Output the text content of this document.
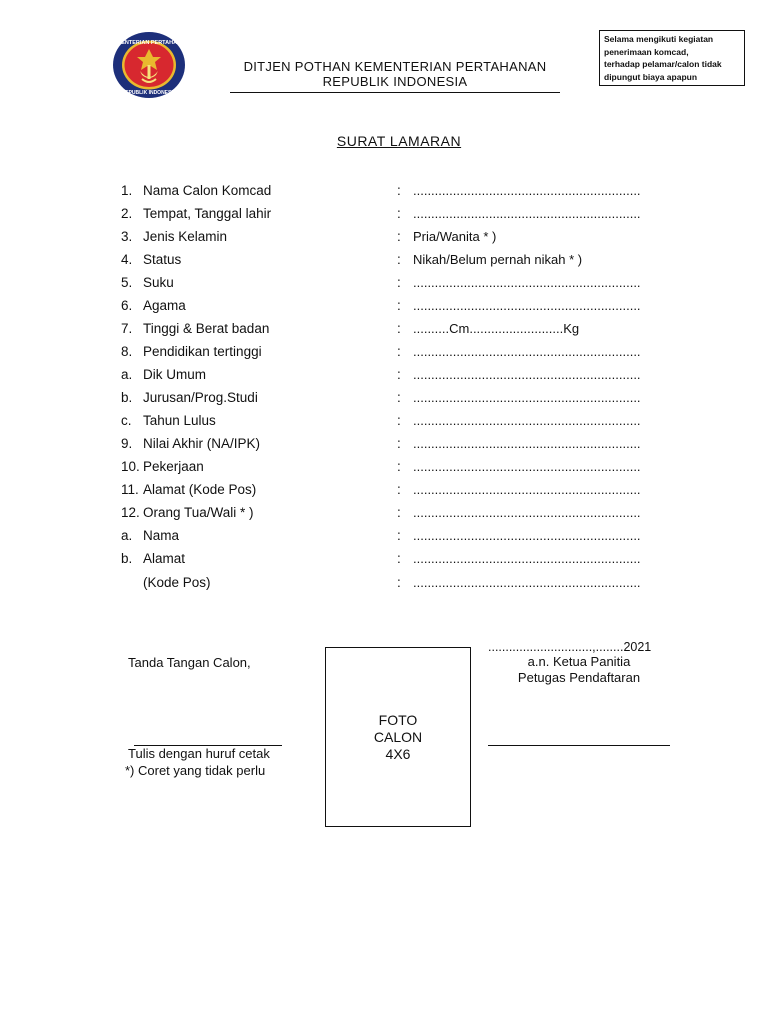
KEMENTERIAN PERTAHANAN
REPUBLIK INDONESIA
DITJEN POTHAN KEMENTERIAN PERTAHANAN
REPUBLIK INDONESIA
Selama mengikuti kegiatan
penerimaan komcad,
terhadap pelamar/calon tidak
dipungut biaya apapun
SURAT LAMARAN
1. Nama Calon Komcad	: ...............................................................
2. Tempat, Tanggal lahir	: ...............................................................
3. Jenis Kelamin	: Pria/Wanita * )
4. Status	: Nikah/Belum pernah nikah * )
5. Suku	: ...............................................................
6. Agama	: ...............................................................
7. Tinggi & Berat badan	: ..........Cm..........................Kg
8. Pendidikan tertinggi	: ...............................................................
a. Dik Umum	: ...............................................................
b. Jurusan/Prog.Studi	: ...............................................................
c. Tahun Lulus	: ...............................................................
9. Nilai Akhir (NA/IPK)	: ...............................................................
10. Pekerjaan	: ...............................................................
11. Alamat (Kode Pos)	: ...............................................................
12. Orang Tua/Wali * )	: ...............................................................
a. Nama	: ...............................................................
b. Alamat	: ...............................................................
(Kode Pos)	: ...............................................................
Tanda Tangan Calon,
Tulis dengan huruf cetak
*) Coret yang tidak perlu
FOTO
CALON
4X6
..............................,........2021
a.n. Ketua Panitia
Petugas Pendaftaran
